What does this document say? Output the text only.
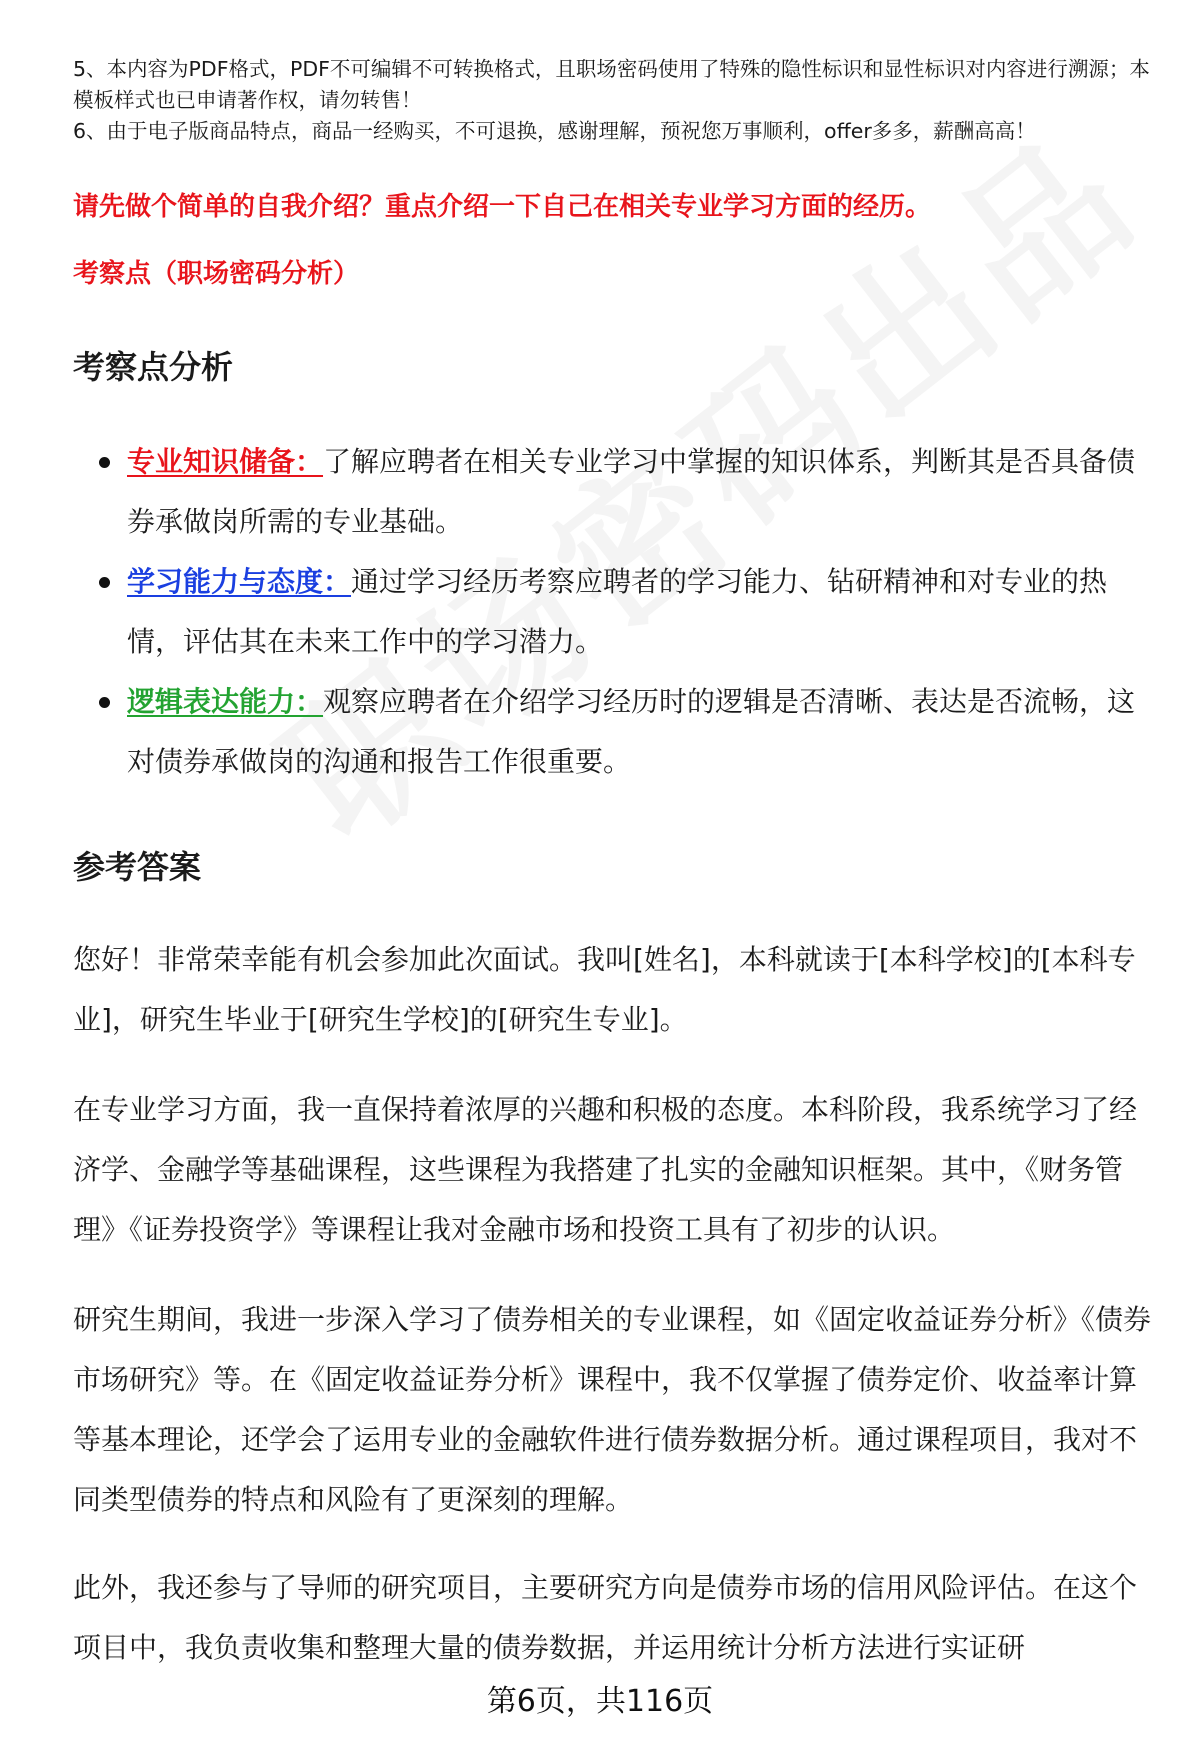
5、本内容为PDF格式，PDF不可编辑不可转换格式，且职场密码使用了特殊的隐性标识和显性标识对内容进行溯源；本模板样式也已申请著作权，请勿转售！
6、由于电子版商品特点，商品一经购买，不可退换，感谢理解，预祝您万事顺利，offer多多，薪酬高高！
请先做个简单的自我介绍？重点介绍一下自己在相关专业学习方面的经历。
考察点（职场密码分析）
考察点分析
专业知识储备：了解应聘者在相关专业学习中掌握的知识体系，判断其是否具备债券承做岗所需的专业基础。
学习能力与态度：通过学习经历考察应聘者的学习能力、钻研精神和对专业的热情，评估其在未来工作中的学习潜力。
逻辑表达能力：观察应聘者在介绍学习经历时的逻辑是否清晰、表达是否流畅，这对债券承做岗的沟通和报告工作很重要。
参考答案
您好！非常荣幸能有机会参加此次面试。我叫[姓名]，本科就读于[本科学校]的[本科专业]，研究生毕业于[研究生学校]的[研究生专业]。
在专业学习方面，我一直保持着浓厚的兴趣和积极的态度。本科阶段，我系统学习了经济学、金融学等基础课程，这些课程为我搭建了扎实的金融知识框架。其中，《财务管理》《证券投资学》等课程让我对金融市场和投资工具有了初步的认识。
研究生期间，我进一步深入学习了债券相关的专业课程，如《固定收益证券分析》《债券市场研究》等。在《固定收益证券分析》课程中，我不仅掌握了债券定价、收益率计算等基本理论，还学会了运用专业的金融软件进行债券数据分析。通过课程项目，我对不同类型债券的特点和风险有了更深刻的理解。
此外，我还参与了导师的研究项目，主要研究方向是债券市场的信用风险评估。在这个项目中，我负责收集和整理大量的债券数据，并运用统计分析方法进行实证研
第6页，共116页
